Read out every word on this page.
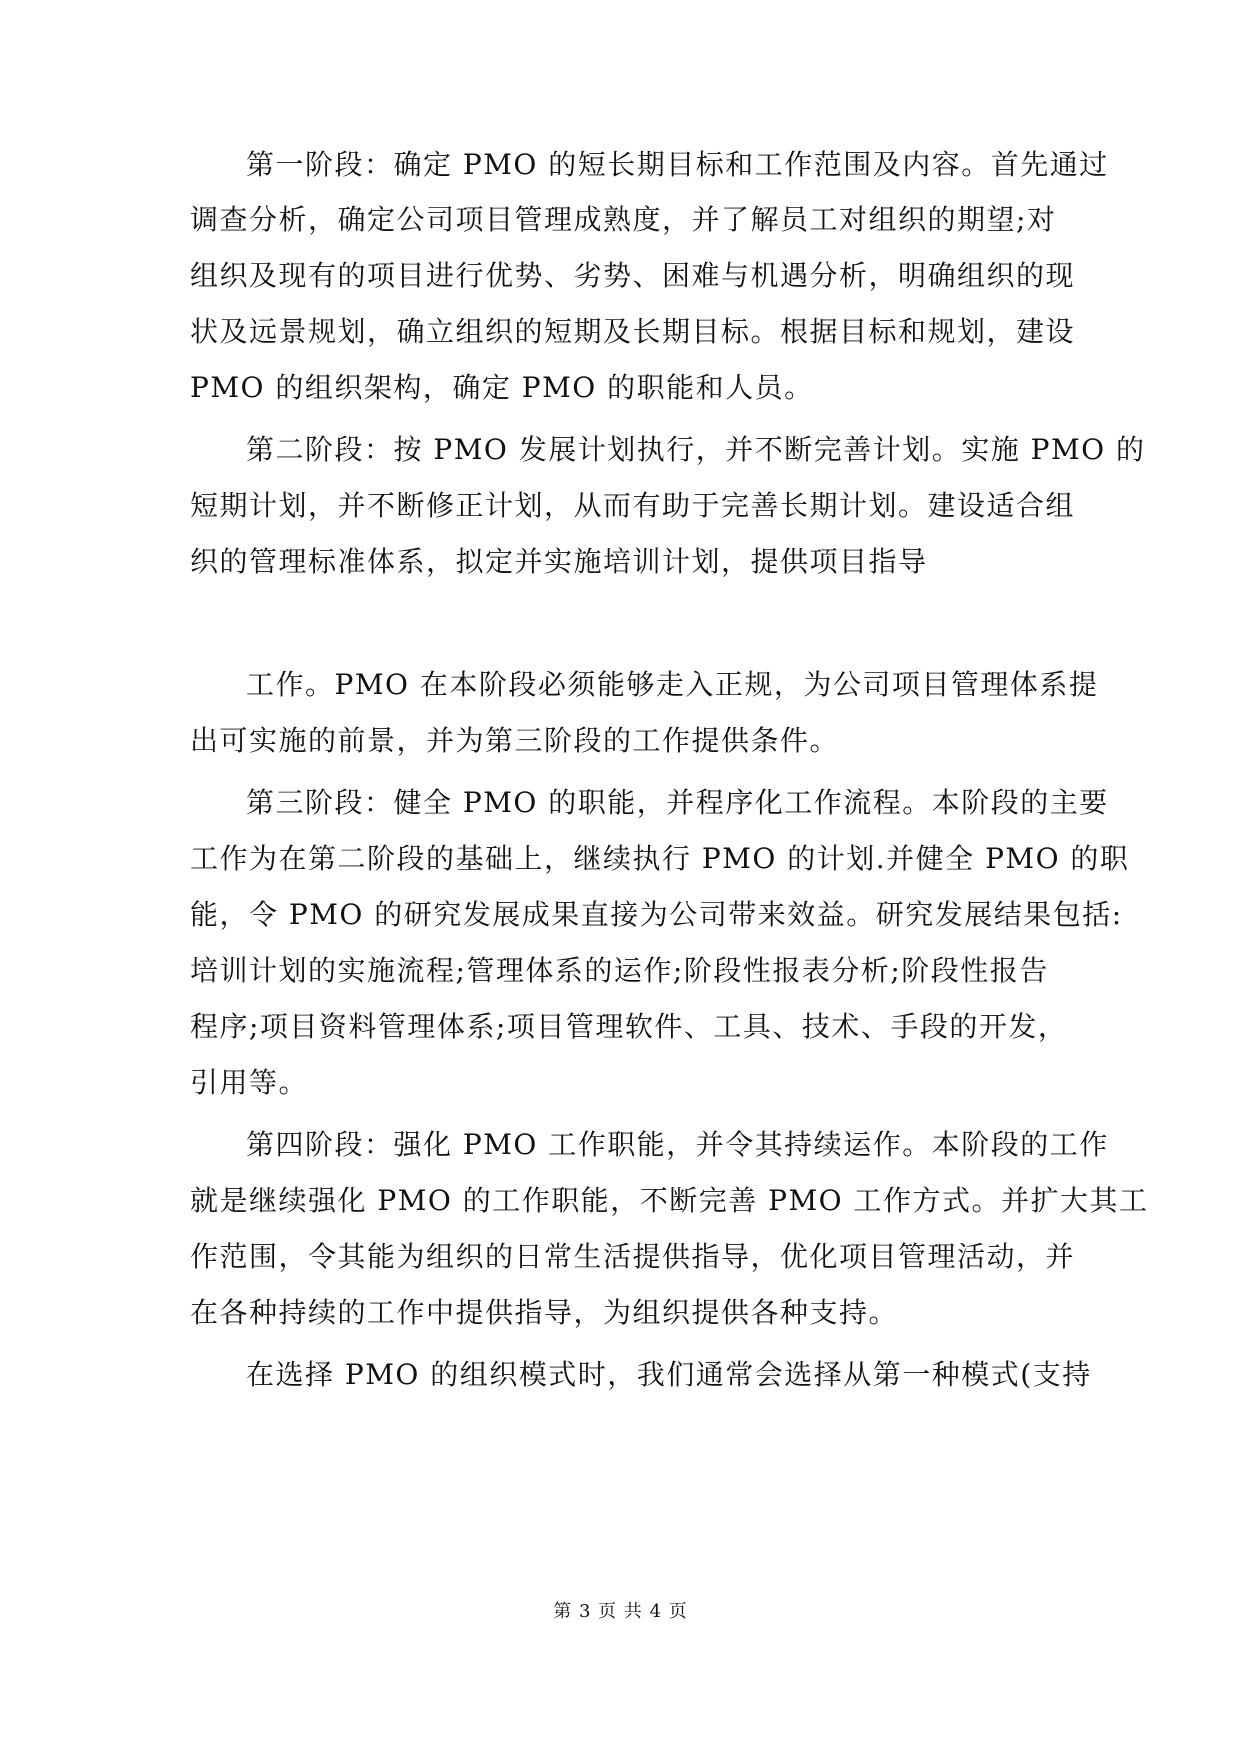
第一阶段：确定 PMO 的短长期目标和工作范围及内容。首先通过
调查分析，确定公司项目管理成熟度，并了解员工对组织的期望;对
组织及现有的项目进行优势、劣势、困难与机遇分析，明确组织的现
状及远景规划，确立组织的短期及长期目标。根据目标和规划，建设
PMO 的组织架构，确定 PMO 的职能和人员。
第二阶段：按 PMO 发展计划执行，并不断完善计划。实施 PMO 的
短期计划，并不断修正计划，从而有助于完善长期计划。建设适合组
织的管理标准体系，拟定并实施培训计划，提供项目指导
工作。PMO 在本阶段必须能够走入正规，为公司项目管理体系提
出可实施的前景，并为第三阶段的工作提供条件。
第三阶段：健全 PMO 的职能，并程序化工作流程。本阶段的主要
工作为在第二阶段的基础上，继续执行 PMO 的计划.并健全 PMO 的职
能，令 PMO 的研究发展成果直接为公司带来效益。研究发展结果包括:
培训计划的实施流程;管理体系的运作;阶段性报表分析;阶段性报告
程序;项目资料管理体系;项目管理软件、工具、技术、手段的开发，
引用等。
第四阶段：强化 PMO 工作职能，并令其持续运作。本阶段的工作
就是继续强化 PMO 的工作职能，不断完善 PMO 工作方式。并扩大其工
作范围，令其能为组织的日常生活提供指导，优化项目管理活动，并
在各种持续的工作中提供指导，为组织提供各种支持。
在选择 PMO 的组织模式时，我们通常会选择从第一种模式(支持
第 3 页 共 4 页
